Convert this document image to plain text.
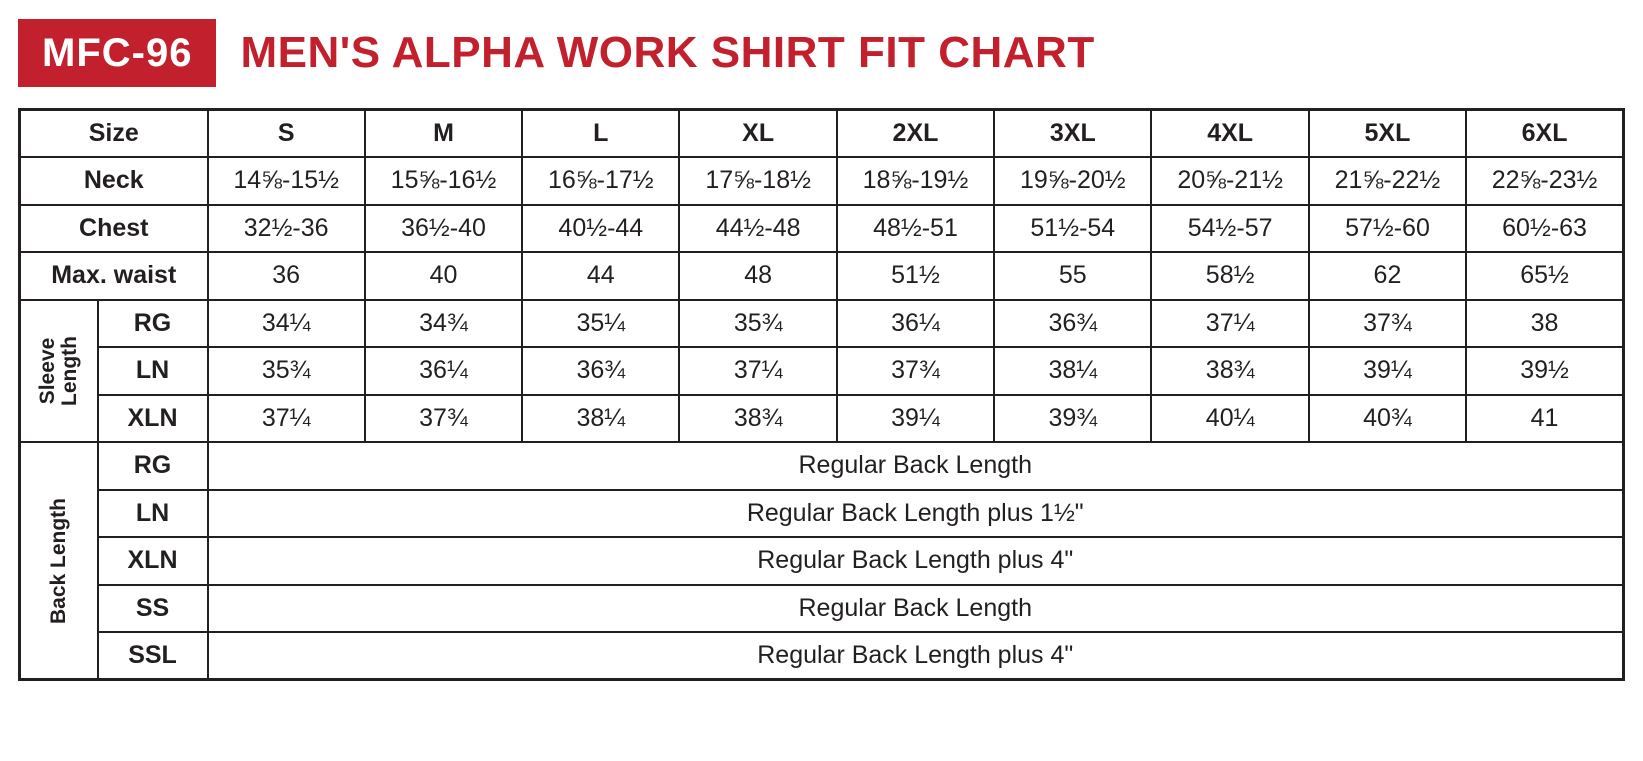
MFC-96	MEN'S ALPHA WORK SHIRT FIT CHART
Size		S	M	L	XL	2XL	3XL	4XL	5XL	6XL
Neck		14⅝-15½	15⅝-16½	16⅝-17½	17⅝-18½	18⅝-19½	19⅝-20½	20⅝-21½	21⅝-22½	22⅝-23½
Chest		32½-36	36½-40	40½-44	44½-48	48½-51	51½-54	54½-57	57½-60	60½-63
Max. waist		36	40	44	48	51½	55	58½	62	65½

Sleeve Length	RG	34¼	34¾	35¼	35¾	36¼	36¾	37¼	37¾	38
	LN	35¾	36¼	36¾	37¼	37¾	38¼	38¾	39¼	39½
	XLN	37¼	37¾	38¼	38¾	39¼	39¾	40¼	40¾	41

Back Length	RG	Regular Back Length								
	LN	Regular Back Length plus 1½"								
	XLN	Regular Back Length plus 4"								
	SS	Regular Back Length								
	SSL	Regular Back Length plus 4"								
